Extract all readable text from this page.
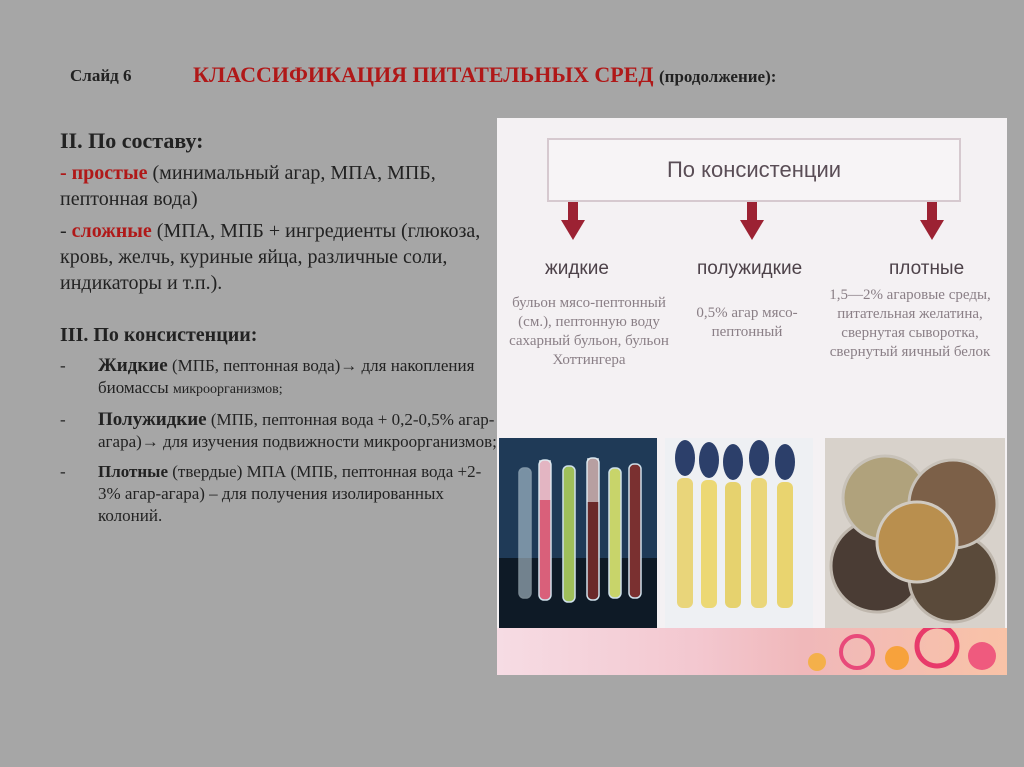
Слайд 6	КЛАССИФИКАЦИЯ ПИТАТЕЛЬНЫХ СРЕД (продолжение):
II. По составу:

- простые (минимальный агар, МПА, МПБ, пептонная вода)

- сложные (МПА, МПБ + ингредиенты (глюкоза, кровь, желчь, куриные яйца, различные соли, индикаторы и т.п.).

III. По консистенции:
- Жидкие (МПБ, пептонная вода)→ для накопления биомассы микроорганизмов;
- Полужидкие (МПБ, пептонная вода + 0,2-0,5% агар-агара)→ для изучения подвижности микроорганизмов;
- Плотные (твердые) МПА (МПБ, пептонная вода +2-3% агар-агара) – для получения изолированных колоний.
По консистенции
жидкие	полужидкие	плотные
бульон мясо-пептонный (см.), пептонную воду сахарный бульон, бульон Хоттингера
0,5% агар мясо-пептонный
1,5—2% агаровые среды, питательная желатина, свернутая сыворотка, свернутый яичный белок
